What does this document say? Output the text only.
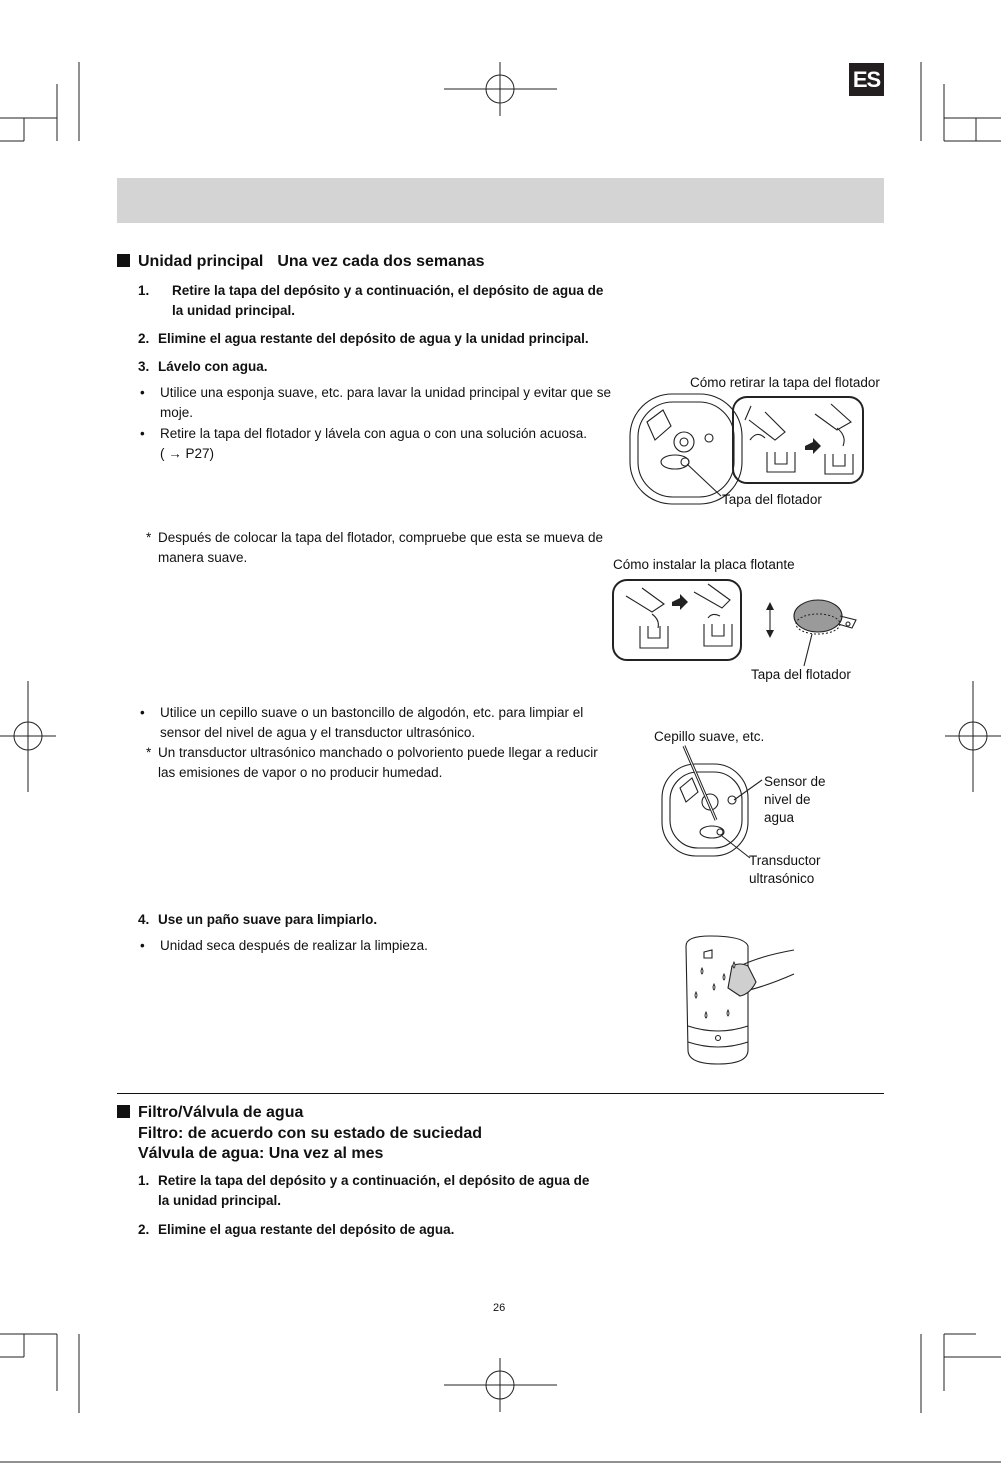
ES
Unidad principal Una vez cada dos semanas
1.	Retire la tapa del depósito y a continuación, el depósito de agua de la unidad principal.
2. Elimine el agua restante del depósito de agua y la unidad principal.
3. Lávelo con agua.
•	Utilice una esponja suave, etc. para lavar la unidad principal y evitar que se moje.
•	Retire la tapa del flotador y lávela con agua o con una solución acuosa. ( → P27)
* Después de colocar la tapa del flotador, compruebe que esta se mueva de manera suave.
•	Utilice un cepillo suave o un bastoncillo de algodón, etc. para limpiar el sensor del nivel de agua y el transductor ultrasónico.
* Un transductor ultrasónico manchado o polvoriento puede llegar a reducir las emisiones de vapor o no producir humedad.
4. Use un paño suave para limpiarlo.
•	Unidad seca después de realizar la limpieza.
Cómo retirar la tapa del flotador
Tapa del flotador
Cómo instalar la placa flotante
Tapa del flotador
Cepillo suave, etc.
Sensor de nivel de agua
Transductor ultrasónico
Filtro/Válvula de agua
Filtro: de acuerdo con su estado de suciedad
Válvula de agua: Una vez al mes
1. Retire la tapa del depósito y a continuación, el depósito de agua de la unidad principal.
2. Elimine el agua restante del depósito de agua.
26
